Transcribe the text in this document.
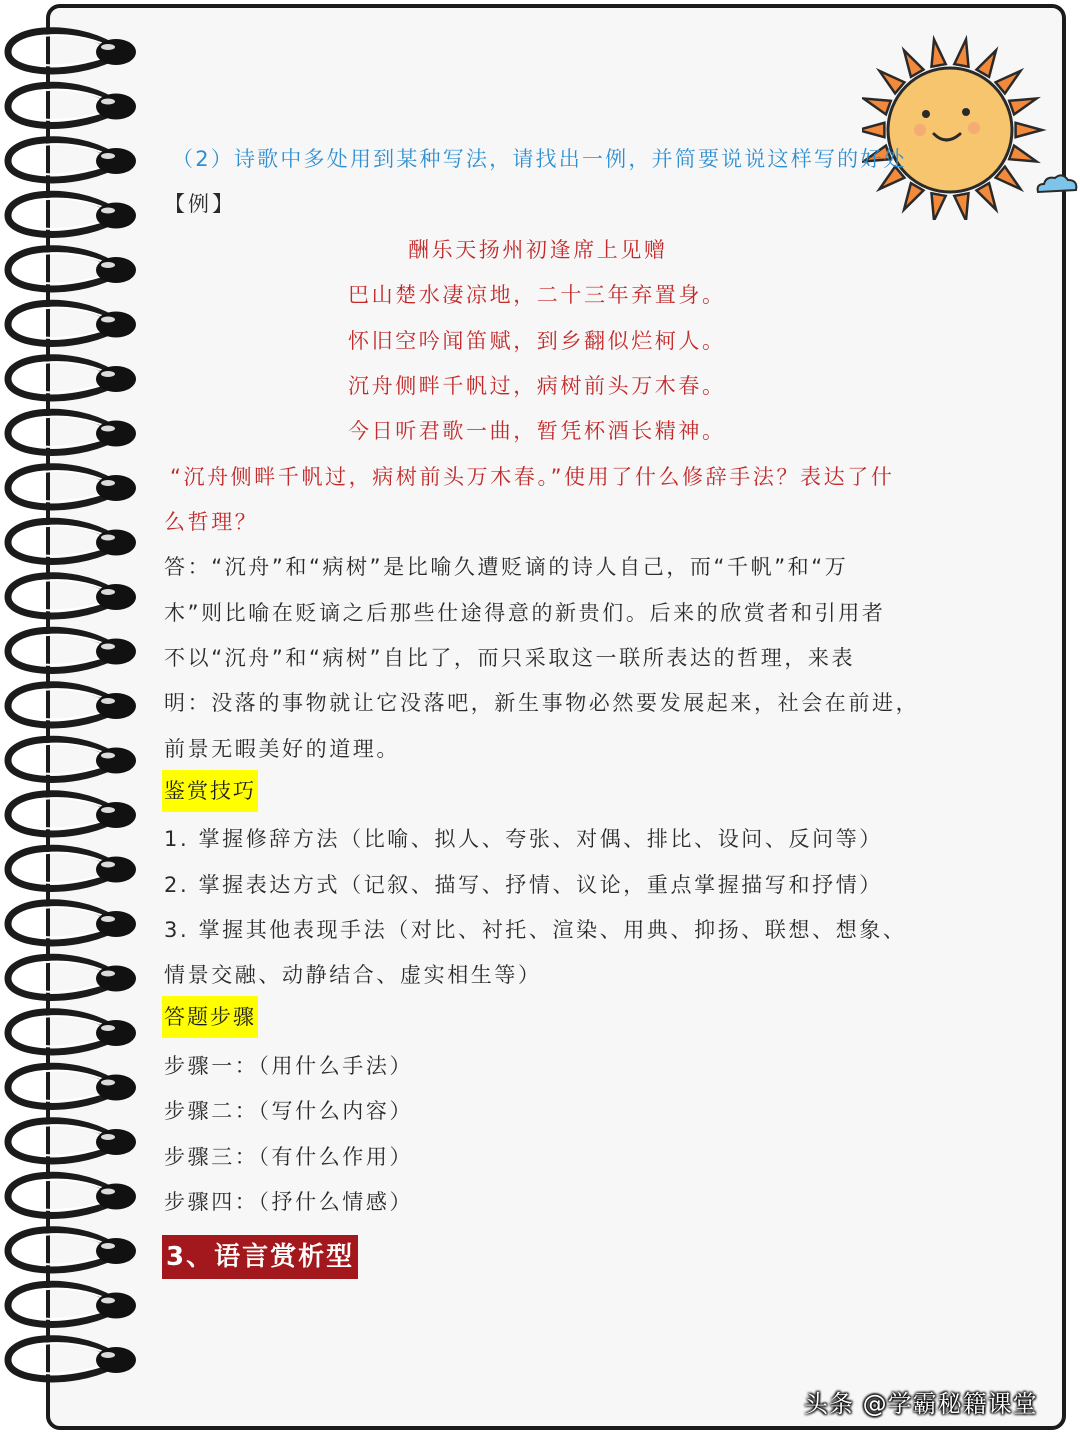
（2）诗歌中多处用到某种写法，请找出一例，并简要说说这样写的好处
【例】
酬乐天扬州初逢席上见赠
巴山楚水凄凉地，二十三年弃置身。
怀旧空吟闻笛赋，到乡翻似烂柯人。
沉舟侧畔千帆过，病树前头万木春。
今日听君歌一曲，暂凭杯酒长精神。
“沉舟侧畔千帆过，病树前头万木春。”使用了什么修辞手法？表达了什
么哲理？
答：“沉舟”和“病树”是比喻久遭贬谪的诗人自己，而“千帆”和“万
木”则比喻在贬谪之后那些仕途得意的新贵们。后来的欣赏者和引用者
不以“沉舟”和“病树”自比了，而只采取这一联所表达的哲理，来表
明：没落的事物就让它没落吧，新生事物必然要发展起来，社会在前进，
前景无暇美好的道理。
鉴赏技巧
1. 掌握修辞方法（比喻、拟人、夸张、对偶、排比、设问、反问等）
2. 掌握表达方式（记叙、描写、抒情、议论，重点掌握描写和抒情）
3. 掌握其他表现手法（对比、衬托、渲染、用典、抑扬、联想、想象、
情景交融、动静结合、虚实相生等）
答题步骤
步骤一：（用什么手法）
步骤二：（写什么内容）
步骤三：（有什么作用）
步骤四：（抒什么情感）
3、语言赏析型
头条 @学霸秘籍课堂
